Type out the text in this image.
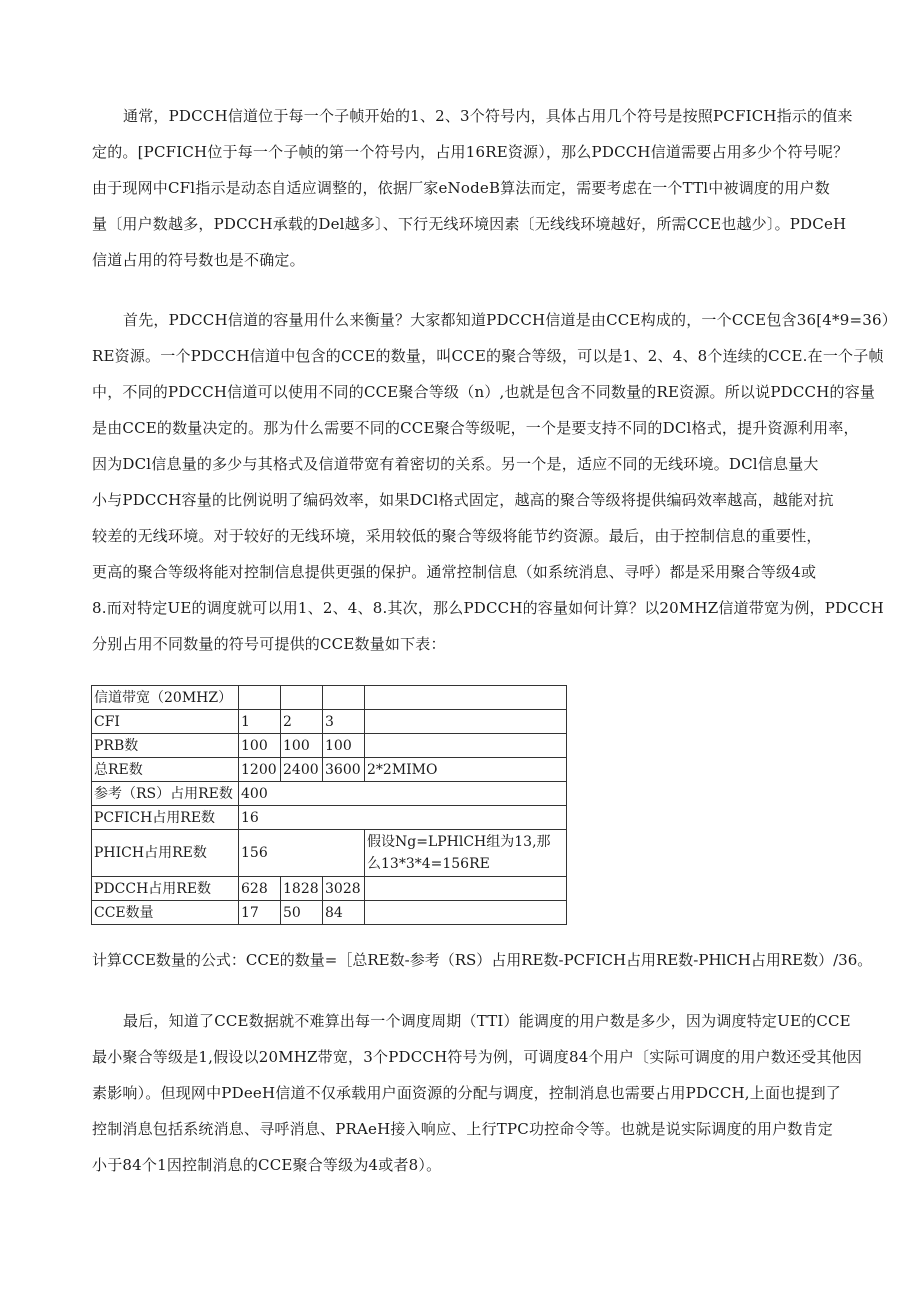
通常，PDCCH信道位于每一个子帧开始的1、2、3个符号内，具体占用几个符号是按照PCFICH指示的值来
定的。[PCFICH位于每一个子帧的第一个符号内，占用16RE资源），那么PDCCH信道需要占用多少个符号呢？
由于现网中CFl指示是动态自适应调整的，依据厂家eNodeB算法而定，需要考虑在一个TTl中被调度的用户数
量〔用户数越多，PDCCH承载的Del越多〕、下行无线环境因素〔无线线环境越好，所需CCE也越少〕。PDCeH
信道占用的符号数也是不确定。

首先，PDCCH信道的容量用什么来衡量？大家都知道PDCCH信道是由CCE构成的，一个CCE包含36[4*9=36）
RE资源。一个PDCCH信道中包含的CCE的数量，叫CCE的聚合等级，可以是1、2、4、8个连续的CCE.在一个子帧
中，不同的PDCCH信道可以使用不同的CCE聚合等级（n）,也就是包含不同数量的RE资源。所以说PDCCH的容量
是由CCE的数量决定的。那为什么需要不同的CCE聚合等级呢，一个是要支持不同的DCl格式，提升资源利用率，
因为DCl信息量的多少与其格式及信道带宽有着密切的关系。另一个是，适应不同的无线环境。DCl信息量大
小与PDCCH容量的比例说明了编码效率，如果DCl格式固定，越高的聚合等级将提供编码效率越高，越能对抗
较差的无线环境。对于较好的无线环境，采用较低的聚合等级将能节约资源。最后，由于控制信息的重要性，
更高的聚合等级将能对控制信息提供更强的保护。通常控制信息（如系统消息、寻呼）都是采用聚合等级4或
8.而对特定UE的调度就可以用1、2、4、8.其次，那么PDCCH的容量如何计算？以20MHZ信道带宽为例，PDCCH
分别占用不同数量的符号可提供的CCE数量如下表：

信道带宽（20MHZ）				
CFI	1	2	3	
PRB数	100	100	100	
总RE数	1200	2400	3600	2*2MIMO
参考（RS）占用RE数	400			
PCFICH占用RE数	16			
PHICH占用RE数	156			假设Ng=LPHlCH组为13,那么13*3*4=156RE
PDCCH占用RE数	628	1828	3028	
CCE数量	17	50	84	

计算CCE数量的公式：CCE的数量=［总RE数-参考（RS）占用RE数-PCFICH占用RE数-PHlCH占用RE数）/36。

最后，知道了CCE数据就不难算出每一个调度周期（TTI）能调度的用户数是多少，因为调度特定UE的CCE
最小聚合等级是1,假设以20MHZ带宽，3个PDCCH符号为例，可调度84个用户〔实际可调度的用户数还受其他因
素影响）。但现网中PDeeH信道不仅承载用户面资源的分配与调度，控制消息也需要占用PDCCH,上面也提到了
控制消息包括系统消息、寻呼消息、PRAeH接入响应、上行TPC功控命令等。也就是说实际调度的用户数肯定
小于84个1因控制消息的CCE聚合等级为4或者8）。
